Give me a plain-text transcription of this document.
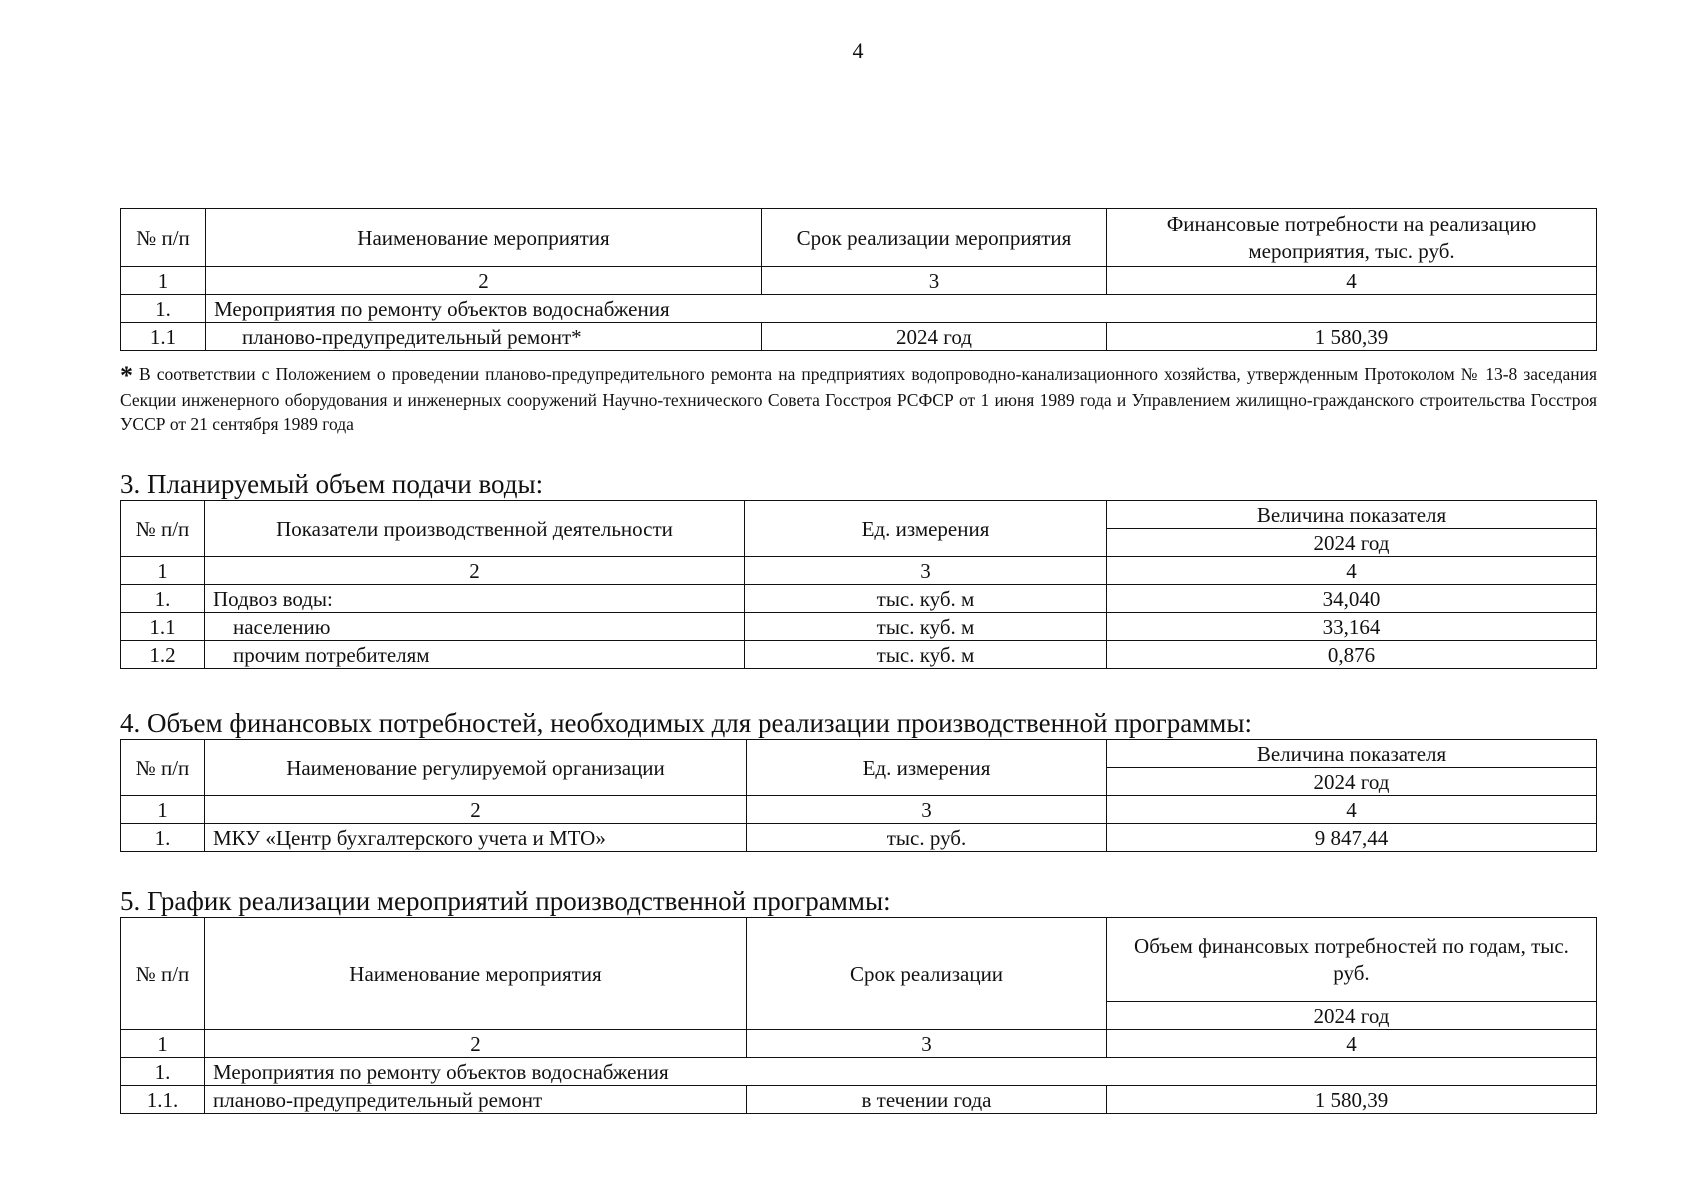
4
№ п/п	Наименование мероприятия	Срок реализации мероприятия	Финансовые потребности на реализацию мероприятия, тыс. руб.
1	2	3	4
1.	Мероприятия по ремонту объектов водоснабжения		
1.1	планово-предупредительный ремонт*	2024 год	1 580,39
* В соответствии с Положением о проведении планово-предупредительного ремонта на предприятиях водопроводно-канализационного хозяйства, утвержденным Протоколом № 13-8 заседания Секции инженерного оборудования и инженерных сооружений Научно-технического Совета Госстроя РСФСР от 1 июня 1989 года и Управлением жилищно-гражданского строительства Госстроя УССР от 21 сентября 1989 года
3. Планируемый объем подачи воды:
№ п/п	Показатели производственной деятельности	Ед. измерения	Величина показателя
			2024 год
1	2	3	4
1.	Подвоз воды:	тыс. куб. м	34,040
1.1	населению	тыс. куб. м	33,164
1.2	прочим потребителям	тыс. куб. м	0,876
4. Объем финансовых потребностей, необходимых для реализации производственной программы:
№ п/п	Наименование регулируемой организации	Ед. измерения	Величина показателя
			2024 год
1	2	3	4
1.	МКУ «Центр бухгалтерского учета и МТО»	тыс. руб.	9 847,44
5. График реализации мероприятий производственной программы:
№ п/п	Наименование мероприятия	Срок реализации	Объем финансовых потребностей по годам, тыс. руб.
			2024 год
1	2	3	4
1.	Мероприятия по ремонту объектов водоснабжения		
1.1.	планово-предупредительный ремонт	в течении года	1 580,39
